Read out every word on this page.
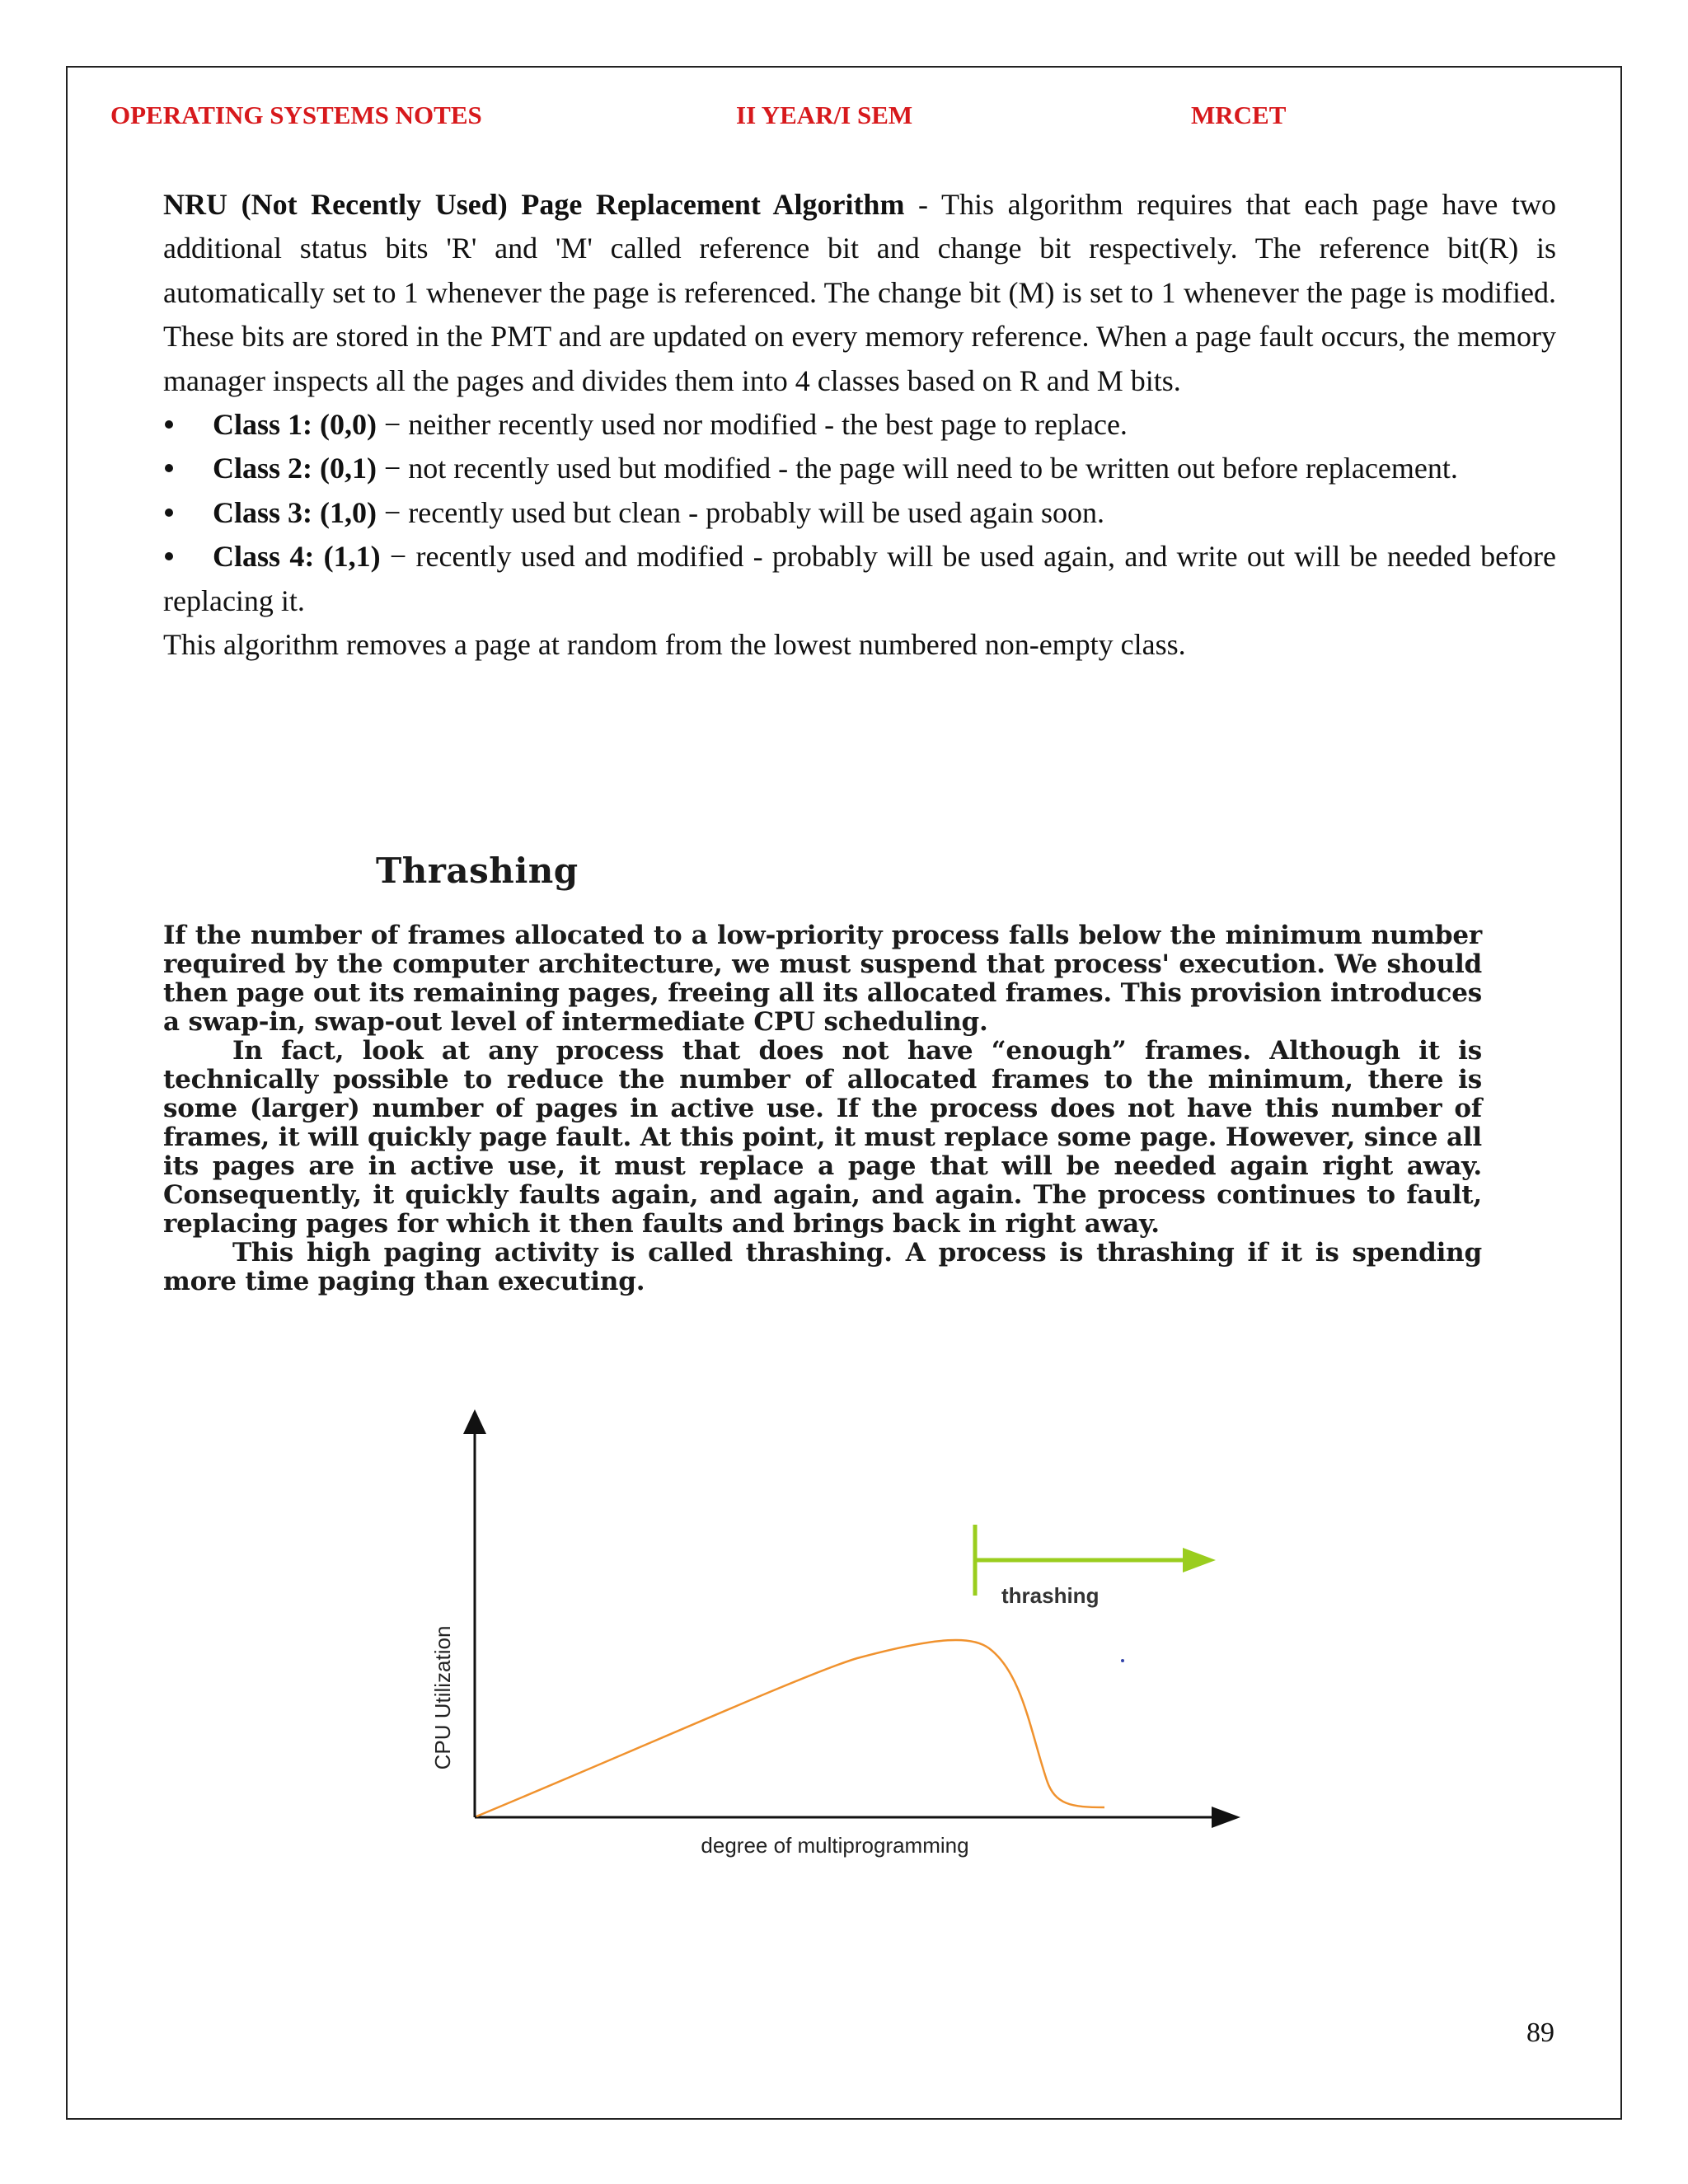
OPERATING SYSTEMS NOTES	II YEAR/I SEM	MRCET

NRU (Not Recently Used) Page Replacement Algorithm - This algorithm requires that each page have two additional status bits 'R' and 'M' called reference bit and change bit respectively. The reference bit(R) is automatically set to 1 whenever the page is referenced. The change bit (M) is set to 1 whenever the page is modified. These bits are stored in the PMT and are updated on every memory reference. When a page fault occurs, the memory manager inspects all the pages and divides them into 4 classes based on R and M bits.

Class 1: (0,0) − neither recently used nor modified - the best page to replace.

Class 2: (0,1) − not recently used but modified - the page will need to be written out before replacement.

Class 3: (1,0) − recently used but clean - probably will be used again soon.

Class 4: (1,1) − recently used and modified - probably will be used again, and write out will be needed before replacing it.

This algorithm removes a page at random from the lowest numbered non-empty class.

Thrashing

If the number of frames allocated to a low-priority process falls below the minimum number required by the computer architecture, we must suspend that process' execution. We should then page out its remaining pages, freeing all its allocated frames. This provision introduces a swap-in, swap-out level of intermediate CPU scheduling.

In fact, look at any process that does not have “enough” frames. Although it is technically possible to reduce the number of allocated frames to the minimum, there is some (larger) number of pages in active use. If the process does not have this number of frames, it will quickly page fault. At this point, it must replace some page. However, since all its pages are in active use, it must replace a page that will be needed again right away. Consequently, it quickly faults again, and again, and again. The process continues to fault, replacing pages for which it then faults and brings back in right away.

This high paging activity is called thrashing. A process is thrashing if it is spending more time paging than executing.

thrashing
CPU Utilization
degree of multiprogramming
89
